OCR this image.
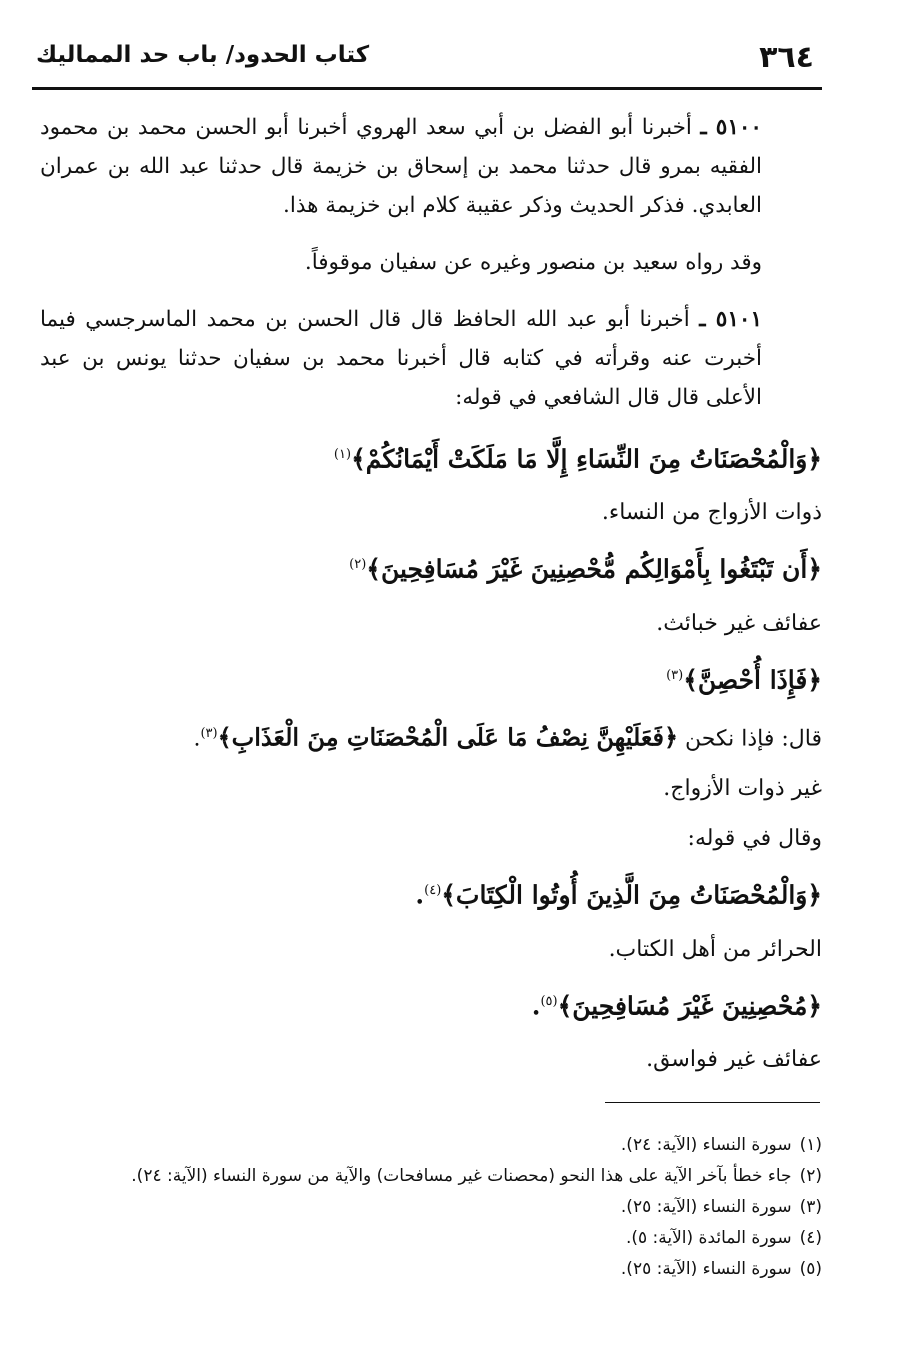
٣٦٤
كتاب الحدود/ باب حد المماليك

٥١٠٠ ـ أخبرنا أبو الفضل بن أبي سعد الهروي أخبرنا أبو الحسن محمد بن محمود الفقيه بمرو قال حدثنا محمد بن إسحاق بن خزيمة قال حدثنا عبد الله بن عمران العابدي. فذكر الحديث وذكر عقيبة كلام ابن خزيمة هذا.

وقد رواه سعيد بن منصور وغيره عن سفيان موقوفاً.

٥١٠١ ـ أخبرنا أبو عبد الله الحافظ قال قال الحسن بن محمد الماسرجسي فيما أخبرت عنه وقرأته في كتابه قال أخبرنا محمد بن سفيان حدثنا يونس بن عبد الأعلى قال قال الشافعي في قوله:

﴿وَالْمُحْصَنَاتُ مِنَ النِّسَاءِ إِلَّا مَا مَلَكَتْ أَيْمَانُكُمْ﴾$^{(١)}$

ذوات الأزواج من النساء.

﴿أَن تَبْتَغُوا بِأَمْوَالِكُم مُّحْصِنِينَ غَيْرَ مُسَافِحِينَ﴾$^{(٢)}$

عفائف غير خبائث.

﴿فَإِذَا أُحْصِنَّ﴾$^{(٣)}$

قال: فإذا نكحن ﴿فَعَلَيْهِنَّ نِصْفُ مَا عَلَى الْمُحْصَنَاتِ مِنَ الْعَذَابِ﴾$^{(٣)}$.

غير ذوات الأزواج.

وقال في قوله:

﴿وَالْمُحْصَنَاتُ مِنَ الَّذِينَ أُوتُوا الْكِتَابَ﴾$^{(٤)}$.

الحرائر من أهل الكتاب.

﴿مُحْصِنِينَ غَيْرَ مُسَافِحِينَ﴾$^{(٥)}$.

عفائف غير فواسق.

(١)سورة النساء (الآية: ٢٤).

(٢)جاء خطأ بآخر الآية على هذا النحو (محصنات غير مسافحات) والآية من سورة النساء (الآية: ٢٤).

(٣)سورة النساء (الآية: ٢٥).

(٤)سورة المائدة (الآية: ٥).

(٥)سورة النساء (الآية: ٢٥).
